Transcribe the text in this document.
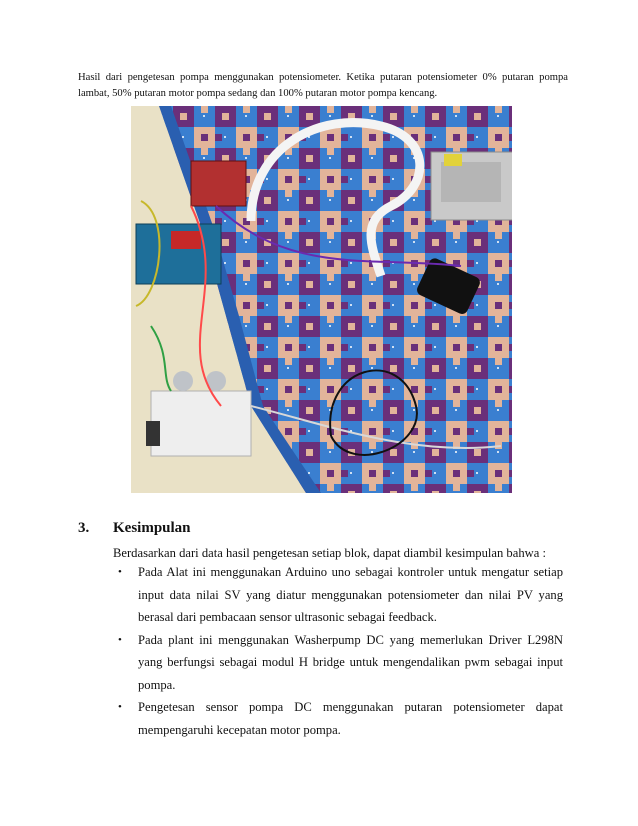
Hasil dari pengetesan pompa menggunakan potensiometer. Ketika putaran potensiometer 0% putaran pompa lambat, 50% putaran motor pompa sedang dan 100% putaran motor pompa kencang.
3. Kesimpulan
Berdasarkan dari data hasil pengetesan setiap blok, dapat diambil kesimpulan bahwa :
• Pada Alat ini menggunakan Arduino uno sebagai kontroler untuk mengatur setiap input data nilai SV yang diatur menggunakan potensiometer dan nilai PV yang berasal dari pembacaan sensor ultrasonic sebagai feedback.
• Pada plant ini menggunakan Washerpump DC yang memerlukan Driver L298N yang berfungsi sebagai modul H bridge untuk mengendalikan pwm sebagai input pompa.
• Pengetesan sensor pompa DC menggunakan putaran potensiometer dapat mempengaruhi kecepatan motor pompa.
